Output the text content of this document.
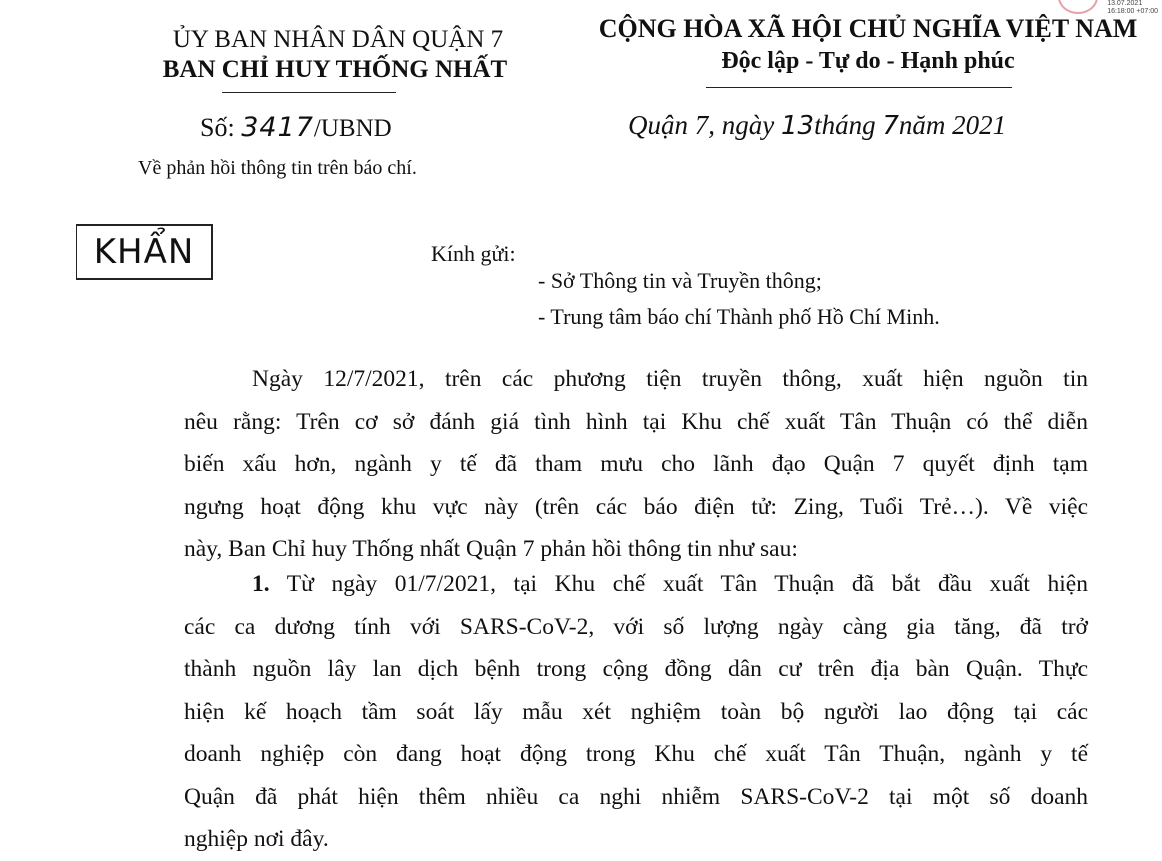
13.07.2021
16:18:00 +07:00
ỦY BAN NHÂN DÂN QUẬN 7
BAN CHỈ HUY THỐNG NHẤT
Số: 3417/UBND
Về phản hồi thông tin trên báo chí.
CỘNG HÒA XÃ HỘI CHỦ NGHĨA VIỆT NAM
Độc lập - Tự do - Hạnh phúc
Quận 7, ngày 13tháng 7năm 2021
KHẨN	Kính gửi:
- Sở Thông tin và Truyền thông;
- Trung tâm báo chí Thành phố Hồ Chí Minh.
Ngày 12/7/2021, trên các phương tiện truyền thông, xuất hiện nguồn tin
nêu rằng: Trên cơ sở đánh giá tình hình tại Khu chế xuất Tân Thuận có thể diễn
biến xấu hơn, ngành y tế đã tham mưu cho lãnh đạo Quận 7 quyết định tạm
ngưng hoạt động khu vực này (trên các báo điện tử: Zing, Tuổi Trẻ…). Về việc
này, Ban Chỉ huy Thống nhất Quận 7 phản hồi thông tin như sau:
1. Từ ngày 01/7/2021, tại Khu chế xuất Tân Thuận đã bắt đầu xuất hiện
các ca dương tính với SARS-CoV-2, với số lượng ngày càng gia tăng, đã trở
thành nguồn lây lan dịch bệnh trong cộng đồng dân cư trên địa bàn Quận. Thực
hiện kế hoạch tầm soát lấy mẫu xét nghiệm toàn bộ người lao động tại các
doanh nghiệp còn đang hoạt động trong Khu chế xuất Tân Thuận, ngành y tế
Quận đã phát hiện thêm nhiều ca nghi nhiễm SARS-CoV-2 tại một số doanh
nghiệp nơi đây.
